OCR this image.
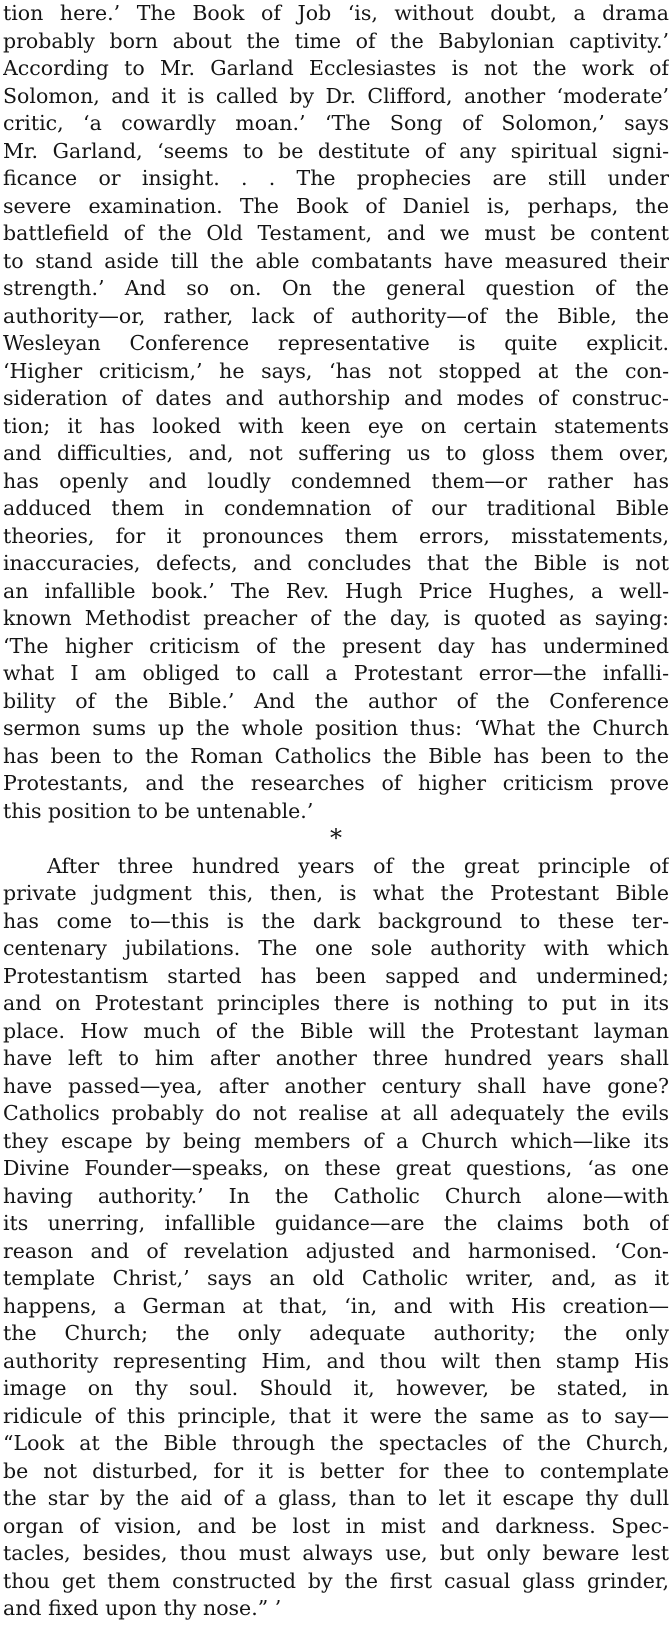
tion here.’ The Book of Job ‘is, without doubt, a drama
probably born about the time of the Babylonian captivity.’
According to Mr. Garland Ecclesiastes is not the work of
Solomon, and it is called by Dr. Clifford, another ‘moderate’
critic, ‘a cowardly moan.’ ‘The Song of Solomon,’ says
Mr. Garland, ‘seems to be destitute of any spiritual signi-
ficance or insight. . . The prophecies are still under
severe examination. The Book of Daniel is, perhaps, the
battlefield of the Old Testament, and we must be content
to stand aside till the able combatants have measured their
strength.’ And so on. On the general question of the
authority—or, rather, lack of authority—of the Bible, the
Wesleyan Conference representative is quite explicit.
‘Higher criticism,’ he says, ‘has not stopped at the con-
sideration of dates and authorship and modes of construc-
tion; it has looked with keen eye on certain statements
and difficulties, and, not suffering us to gloss them over,
has openly and loudly condemned them—or rather has
adduced them in condemnation of our traditional Bible
theories, for it pronounces them errors, misstatements,
inaccuracies, defects, and concludes that the Bible is not
an infallible book.’ The Rev. Hugh Price Hughes, a well-
known Methodist preacher of the day, is quoted as saying:
‘The higher criticism of the present day has undermined
what I am obliged to call a Protestant error—the infalli-
bility of the Bible.’ And the author of the Conference
sermon sums up the whole position thus: ‘What the Church
has been to the Roman Catholics the Bible has been to the
Protestants, and the researches of higher criticism prove
this position to be untenable.’
*
After three hundred years of the great principle of
private judgment this, then, is what the Protestant Bible
has come to—this is the dark background to these ter-
centenary jubilations. The one sole authority with which
Protestantism started has been sapped and undermined;
and on Protestant principles there is nothing to put in its
place. How much of the Bible will the Protestant layman
have left to him after another three hundred years shall
have passed—yea, after another century shall have gone?
Catholics probably do not realise at all adequately the evils
they escape by being members of a Church which—like its
Divine Founder—speaks, on these great questions, ‘as one
having authority.’ In the Catholic Church alone—with
its unerring, infallible guidance—are the claims both of
reason and of revelation adjusted and harmonised. ‘Con-
template Christ,’ says an old Catholic writer, and, as it
happens, a German at that, ‘in, and with His creation—
the Church; the only adequate authority; the only
authority representing Him, and thou wilt then stamp His
image on thy soul. Should it, however, be stated, in
ridicule of this principle, that it were the same as to say—
“Look at the Bible through the spectacles of the Church,
be not disturbed, for it is better for thee to contemplate
the star by the aid of a glass, than to let it escape thy dull
organ of vision, and be lost in mist and darkness. Spec-
tacles, besides, thou must always use, but only beware lest
thou get them constructed by the first casual glass grinder,
and fixed upon thy nose.” ’
